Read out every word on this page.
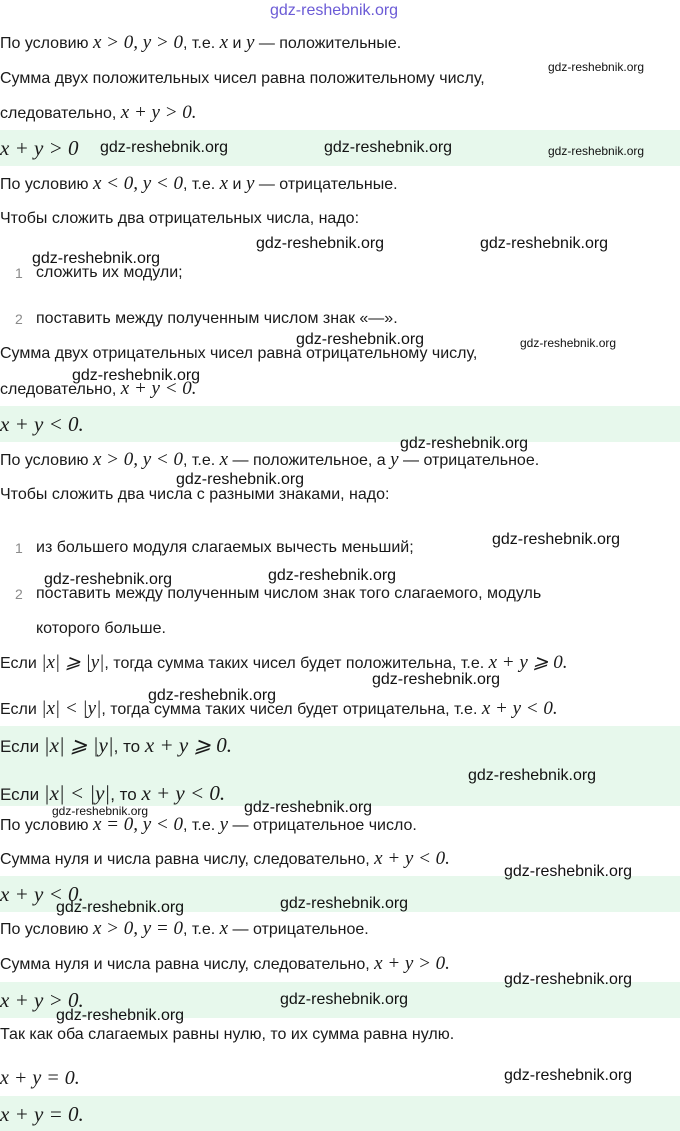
По условию x > 0, y > 0, т.е. x и y — положительные.
Сумма двух положительных чисел равна положительному числу,
следовательно, x + y > 0.
x + y > 0
По условию x < 0, y < 0, т.е. x и y — отрицательные.
Чтобы сложить два отрицательных числа, надо:
1 сложить их модули;
2 поставить между полученным числом знак «—».
Сумма двух отрицательных чисел равна отрицательному числу,
следовательно, x + y < 0.
x + y < 0.
По условию x > 0, y < 0, т.е. x — положительное, а y — отрицательное.
Чтобы сложить два числа с разными знаками, надо:
1 из большего модуля слагаемых вычесть меньший;
2 поставить между полученным числом знак того слагаемого, модуль
которого больше.
Если |x| ⩾ |y|, тогда сумма таких чисел будет положительна, т.е. x + y ⩾ 0.
Если |x| < |y|, тогда сумма таких чисел будет отрицательна, т.е. x + y < 0.
Если |x| ⩾ |y|, то x + y ⩾ 0.
Если |x| < |y|, то x + y < 0.
По условию x = 0, y < 0, т.е. y — отрицательное число.
Сумма нуля и числа равна числу, следовательно, x + y < 0.
x + y < 0.
По условию x > 0, y = 0, т.е. x — отрицательное.
Сумма нуля и числа равна числу, следовательно, x + y > 0.
x + y > 0.
Так как оба слагаемых равны нулю, то их сумма равна нулю.
x + y = 0.
x + y = 0.
gdz-reshebnik.org
gdz-reshebnik.org
gdz-reshebnik.org	gdz-reshebnik.org	gdz-reshebnik.org
gdz-reshebnik.org	gdz-reshebnik.org
gdz-reshebnik.org
gdz-reshebnik.org	gdz-reshebnik.org
gdz-reshebnik.org
gdz-reshebnik.org
gdz-reshebnik.org
gdz-reshebnik.org
gdz-reshebnik.org
gdz-reshebnik.org
gdz-reshebnik.org
gdz-reshebnik.org
gdz-reshebnik.org
gdz-reshebnik.org
gdz-reshebnik.org
gdz-reshebnik.org
gdz-reshebnik.org
gdz-reshebnik.org
gdz-reshebnik.org
gdz-reshebnik.org
gdz-reshebnik.org
gdz-reshebnik.org
